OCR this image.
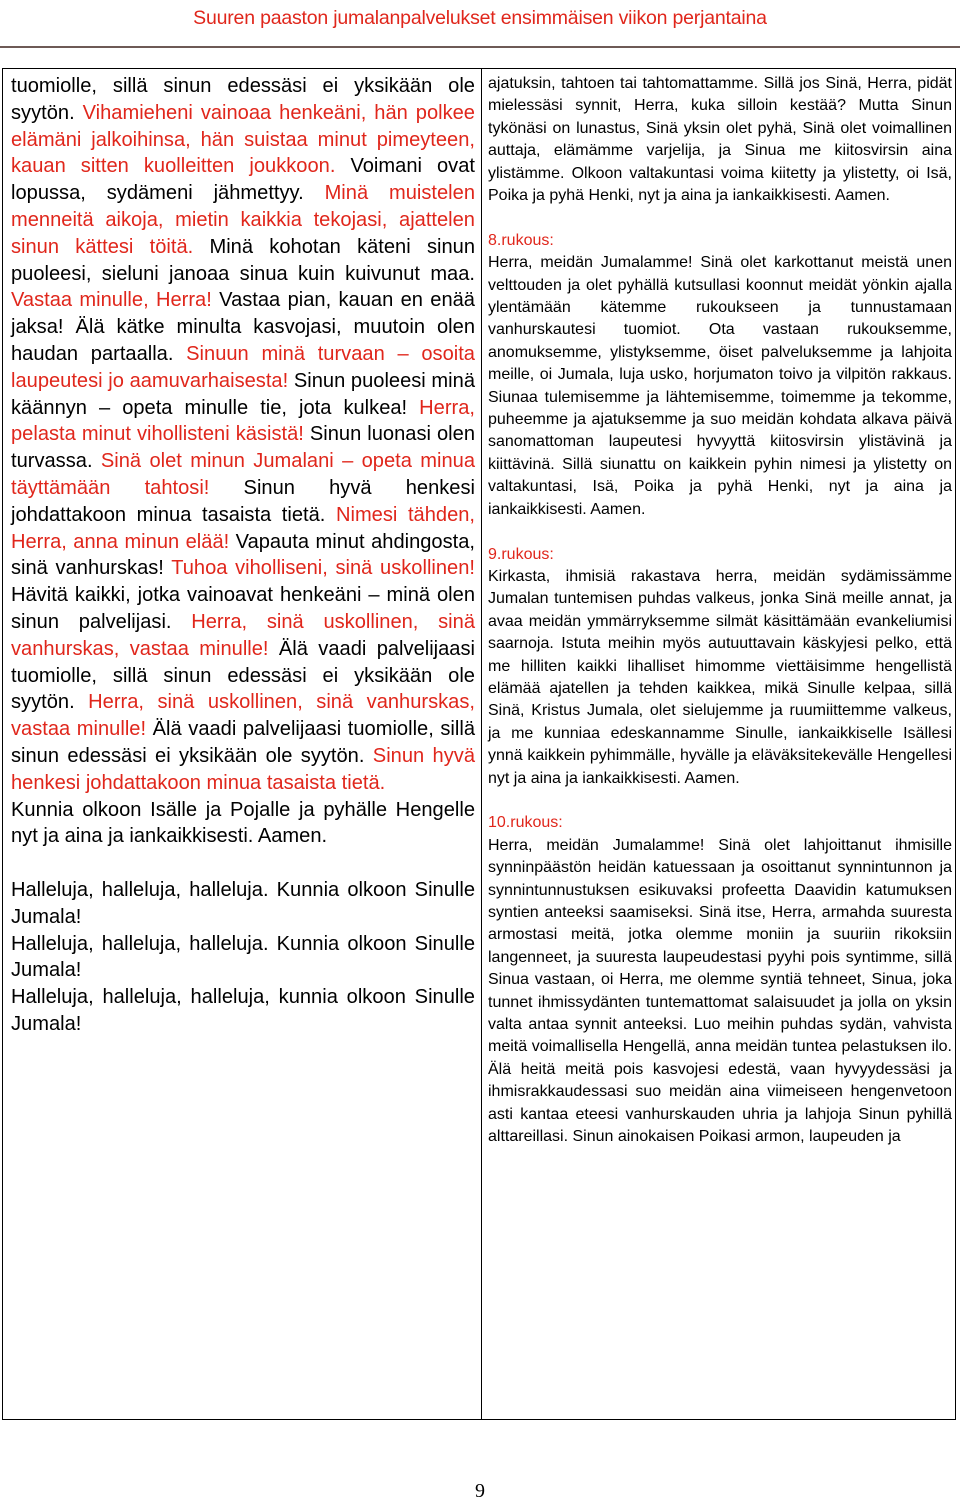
Suuren paaston jumalanpalvelukset ensimmäisen viikon perjantaina

tuomiolle, sillä sinun edessäsi ei yksikään ole syytön. Vihamieheni vainoaa henkeäni, hän polkee elämäni jalkoihinsa, hän suistaa minut pimeyteen, kauan sitten kuolleitten joukkoon. Voimani ovat lopussa, sydämeni jähmettyy. Minä muistelen menneitä aikoja, mietin kaikkia tekojasi, ajattelen sinun kättesi töitä. Minä kohotan käteni sinun puoleesi, sieluni janoaa sinua kuin kuivunut maa. Vastaa minulle, Herra! Vastaa pian, kauan en enää jaksa! Älä kätke minulta kasvojasi, muutoin olen haudan partaalla. Sinuun minä turvaan – osoita laupeutesi jo aamuvarhaisesta! Sinun puoleesi minä käännyn – opeta minulle tie, jota kulkea! Herra, pelasta minut vihollisteni käsistä! Sinun luonasi olen turvassa. Sinä olet minun Jumalani – opeta minua täyttämään tahtosi! Sinun hyvä henkesi johdattakoon minua tasaista tietä. Nimesi tähden, Herra, anna minun elää! Vapauta minut ahdingosta, sinä vanhurskas! Tuhoa viholliseni, sinä uskollinen! Hävitä kaikki, jotka vainoavat henkeäni – minä olen sinun palvelijasi. Herra, sinä uskollinen, sinä vanhurskas, vastaa minulle! Älä vaadi palvelijaasi tuomiolle, sillä sinun edessäsi ei yksikään ole syytön. Herra, sinä uskollinen, sinä vanhurskas, vastaa minulle! Älä vaadi palvelijaasi tuomiolle, sillä sinun edessäsi ei yksikään ole syytön. Sinun hyvä henkesi johdattakoon minua tasaista tietä.

Kunnia olkoon Isälle ja Pojalle ja pyhälle Hengelle nyt ja aina ja iankaikkisesti. Aamen.

Halleluja, halleluja, halleluja. Kunnia olkoon Sinulle Jumala!

Halleluja, halleluja, halleluja. Kunnia olkoon Sinulle Jumala!

Halleluja, halleluja, halleluja, kunnia olkoon Sinulle Jumala!

ajatuksin, tahtoen tai tahtomattamme. Sillä jos Sinä, Herra, pidät mielessäsi synnit, Herra, kuka silloin kestää? Mutta Sinun tykönäsi on lunastus, Sinä yksin olet pyhä, Sinä olet voimallinen auttaja, elämämme varjelija, ja Sinua me kiitosvirsin aina ylistämme. Olkoon valtakuntasi voima kiitetty ja ylistetty, oi Isä, Poika ja pyhä Henki, nyt ja aina ja iankaikkisesti. Aamen.

8.rukous:

Herra, meidän Jumalamme! Sinä olet karkottanut meistä unen velttouden ja olet pyhällä kutsullasi koonnut meidät yönkin ajalla ylentämään kätemme rukoukseen ja tunnustamaan vanhurskautesi tuomiot. Ota vastaan rukouksemme, anomuksemme, ylistyksemme, öiset palveluksemme ja lahjoita meille, oi Jumala, luja usko, horjumaton toivo ja vilpitön rakkaus. Siunaa tulemisemme ja lähtemisemme, toimemme ja tekomme, puheemme ja ajatuksemme ja suo meidän kohdata alkava päivä sanomattoman laupeutesi hyvyyttä kiitosvirsin ylistävinä ja kiittävinä. Sillä siunattu on kaikkein pyhin nimesi ja ylistetty on valtakuntasi, Isä, Poika ja pyhä Henki, nyt ja aina ja iankaikkisesti. Aamen.

9.rukous:

Kirkasta, ihmisiä rakastava herra, meidän sydämissämme Jumalan tuntemisen puhdas valkeus, jonka Sinä meille annat, ja avaa meidän ymmärryksemme silmät käsittämään evankeliumisi saarnoja. Istuta meihin myös autuuttavain käskyjesi pelko, että me hilliten kaikki lihalliset himomme viettäisimme hengellistä elämää ajatellen ja tehden kaikkea, mikä Sinulle kelpaa, sillä Sinä, Kristus Jumala, olet sielujemme ja ruumiittemme valkeus, ja me kunniaa edeskannamme Sinulle, iankaikkiselle Isällesi ynnä kaikkein pyhimmälle, hyvälle ja eläväksitekevälle Hengellesi nyt ja aina ja iankaikkisesti. Aamen.

10.rukous:

Herra, meidän Jumalamme! Sinä olet lahjoittanut ihmisille synninpäästön heidän katuessaan ja osoittanut synnintunnon ja synnintunnustuksen esikuvaksi profeetta Daavidin katumuksen syntien anteeksi saamiseksi. Sinä itse, Herra, armahda suuresta armostasi meitä, jotka olemme moniin ja suuriin rikoksiin langenneet, ja suuresta laupeudestasi pyyhi pois syntimme, sillä Sinua vastaan, oi Herra, me olemme syntiä tehneet, Sinua, joka tunnet ihmissydänten tuntemattomat salaisuudet ja jolla on yksin valta antaa synnit anteeksi. Luo meihin puhdas sydän, vahvista meitä voimallisella Hengellä, anna meidän tuntea pelastuksen ilo. Älä heitä meitä pois kasvojesi edestä, vaan hyvyydessäsi ja ihmisrakkaudessasi suo meidän aina viimeiseen hengenvetoon asti kantaa eteesi vanhurskauden uhria ja lahjoja Sinun pyhillä alttareillasi. Sinun ainokaisen Poikasi armon, laupeuden ja

9
